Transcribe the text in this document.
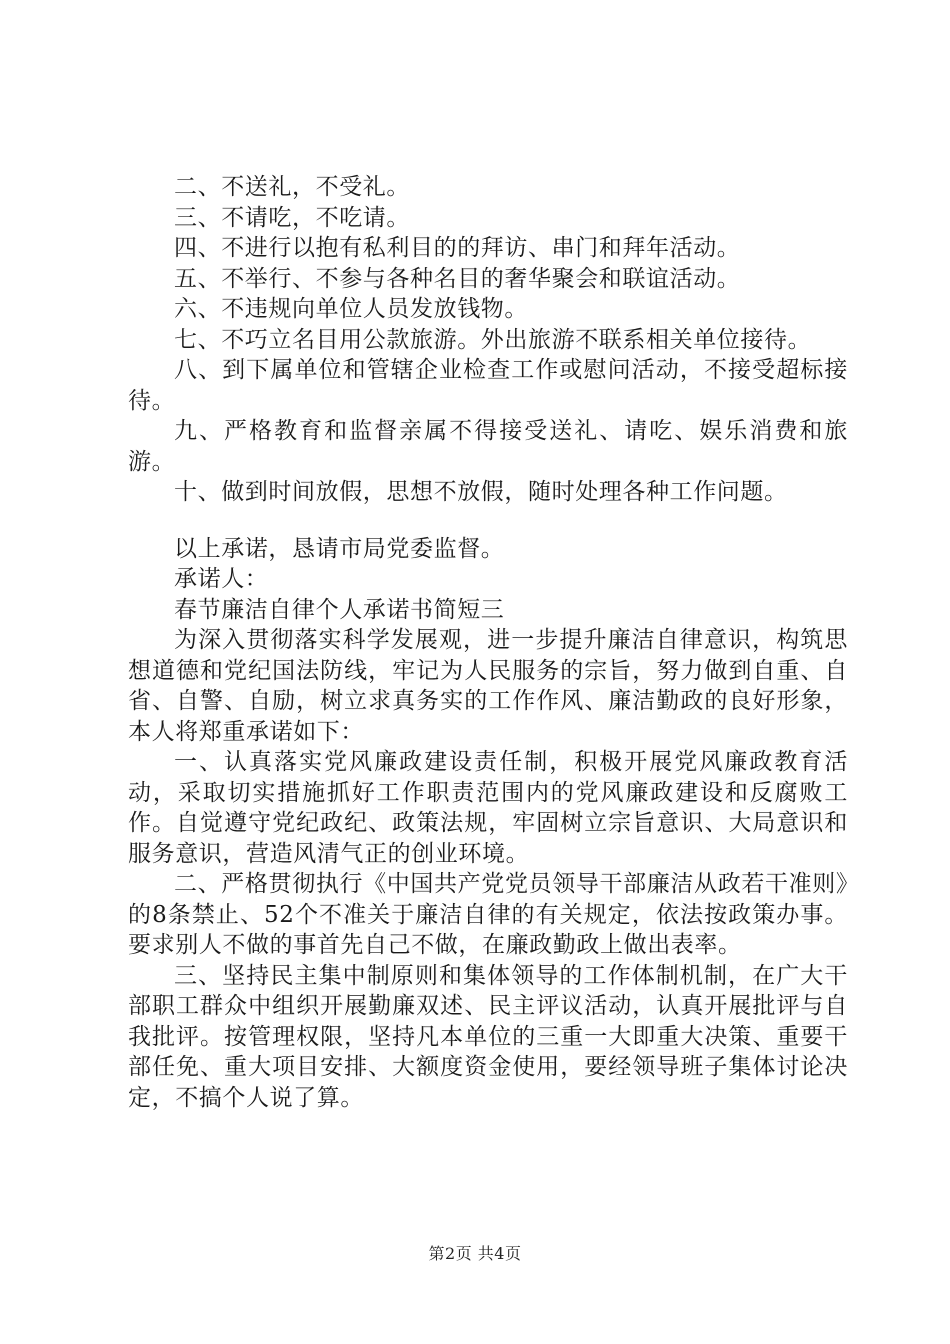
二、不送礼，不受礼。

三、不请吃，不吃请。

四、不进行以抱有私利目的的拜访、串门和拜年活动。

五、不举行、不参与各种名目的奢华聚会和联谊活动。

六、不违规向单位人员发放钱物。

七、不巧立名目用公款旅游。外出旅游不联系相关单位接待。

八、到下属单位和管辖企业检查工作或慰问活动，不接受超标接待。

九、严格教育和监督亲属不得接受送礼、请吃、娱乐消费和旅游。

十、做到时间放假，思想不放假，随时处理各种工作问题。

以上承诺，恳请市局党委监督。

承诺人：

春节廉洁自律个人承诺书简短三

为深入贯彻落实科学发展观，进一步提升廉洁自律意识，构筑思想道德和党纪国法防线，牢记为人民服务的宗旨，努力做到自重、自省、自警、自励，树立求真务实的工作作风、廉洁勤政的良好形象，本人将郑重承诺如下：

一、认真落实党风廉政建设责任制，积极开展党风廉政教育活动，采取切实措施抓好工作职责范围内的党风廉政建设和反腐败工作。自觉遵守党纪政纪、政策法规，牢固树立宗旨意识、大局意识和服务意识，营造风清气正的创业环境。

二、严格贯彻执行《中国共产党党员领导干部廉洁从政若干准则》的8条禁止、52个不准关于廉洁自律的有关规定，依法按政策办事。要求别人不做的事首先自己不做，在廉政勤政上做出表率。

三、坚持民主集中制原则和集体领导的工作体制机制，在广大干部职工群众中组织开展勤廉双述、民主评议活动，认真开展批评与自我批评。按管理权限，坚持凡本单位的三重一大即重大决策、重要干部任免、重大项目安排、大额度资金使用，要经领导班子集体讨论决定，不搞个人说了算。

第2页 共4页
